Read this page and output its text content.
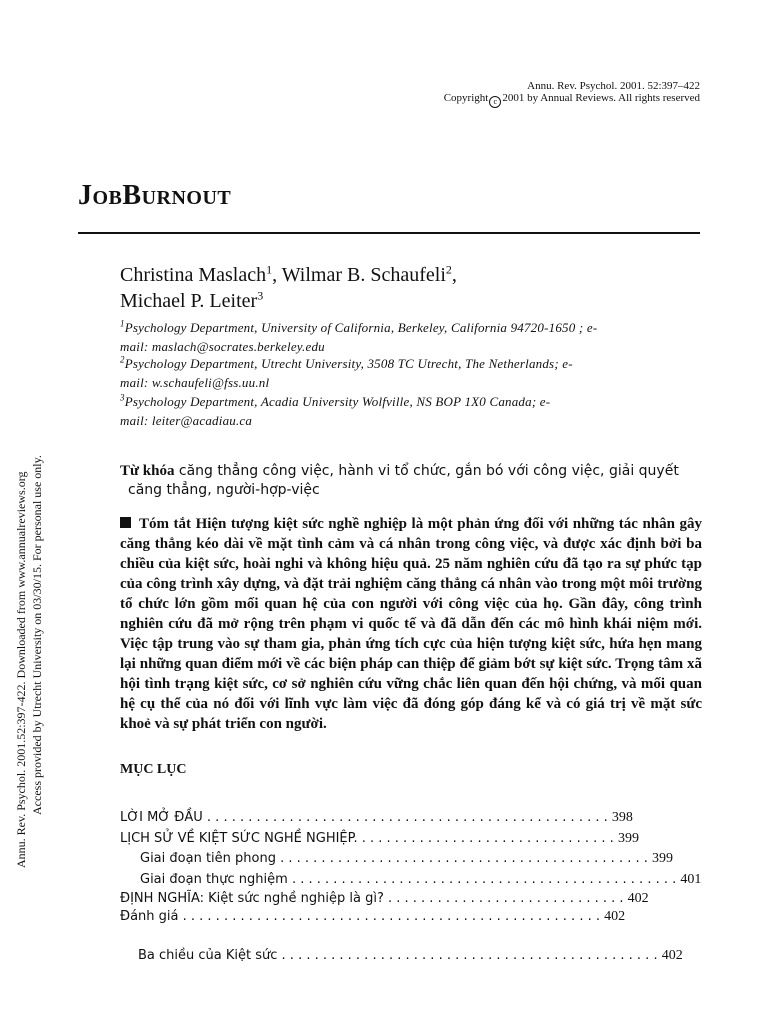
Annu. Rev. Psychol. 2001. 52:397–422
Copyright c 2001 by Annual Reviews. All rights reserved
JOBBURNOUT
Christina Maslach$^1$, Wilmar B. Schaufeli$^2$,
Michael P. Leiter$^3$
$^1$Psychology Department, University of California, Berkeley, California 94720-1650 ; e-
mail: maslach@socrates.berkeley.edu
$^2$Psychology Department, Utrecht University, 3508 TC Utrecht, The Netherlands; e-
mail: w.schaufeli@fss.uu.nl
$^3$Psychology Department, Acadia University Wolfville, NS BOP 1X0 Canada; e-
mail: leiter@acadiau.ca
Từ khóa căng thẳng công việc, hành vi tổ chức, gắn bó với công việc, giải quyết
căng thẳng, người-hợp-việc
Tóm tắt Hiện tượng kiệt sức nghề nghiệp là một phản ứng đối với những tác nhân gây căng thẳng kéo dài về mặt tình cảm và cá nhân trong công việc, và được xác định bởi ba chiều của kiệt sức, hoài nghi và không hiệu quả. 25 năm nghiên cứu đã tạo ra sự phức tạp của công trình xây dựng, và đặt trải nghiệm căng thẳng cá nhân vào trong một môi trường tổ chức lớn gồm mối quan hệ của con người với công việc của họ. Gần đây, công trình nghiên cứu đã mở rộng trên phạm vi quốc tế và đã dẫn đến các mô hình khái niệm mới. Việc tập trung vào sự tham gia, phản ứng tích cực của hiện tượng kiệt sức, hứa hẹn mang lại những quan điểm mới về các biện pháp can thiệp để giảm bớt sự kiệt sức. Trọng tâm xã hội tình trạng kiệt sức, cơ sở nghiên cứu vững chắc liên quan đến hội chứng, và mối quan hệ cụ thể của nó đối với lĩnh vực làm việc đã đóng góp đáng kể và có giá trị về mặt sức khoẻ và sự phát triển con người.
MỤC LỤC
LỜI MỞ ĐẦU . . . . . . . . . . . . . . . . . . . . . . . . . . . . . . . . . . . . . . . . . . . . . . . . . 398
LỊCH SỬ VỀ KIỆT SỨC NGHỀ NGHIỆP. . . . . . . . . . . . . . . . . . . . . . . . . . . . . . . . 399
Giai đoạn tiên phong . . . . . . . . . . . . . . . . . . . . . . . . . . . . . . . . . . . . . . . . . . . . . 399
Giai đoạn thực nghiệm . . . . . . . . . . . . . . . . . . . . . . . . . . . . . . . . . . . . . . . . . . . . . . . 401
ĐỊNH NGHĨA: Kiệt sức nghề nghiệp là gì? . . . . . . . . . . . . . . . . . . . . . . . . . . . . . 402
Đánh giá . . . . . . . . . . . . . . . . . . . . . . . . . . . . . . . . . . . . . . . . . . . . . . . . . . . 402
Ba chiều của Kiệt sức . . . . . . . . . . . . . . . . . . . . . . . . . . . . . . . . . . . . . . . . . . . . . . 402
Annu. Rev. Psychol. 2001.52:397-422. Downloaded from www.annualreviews.org Access provided by Utrecht University on 03/30/15. For personal use only.
